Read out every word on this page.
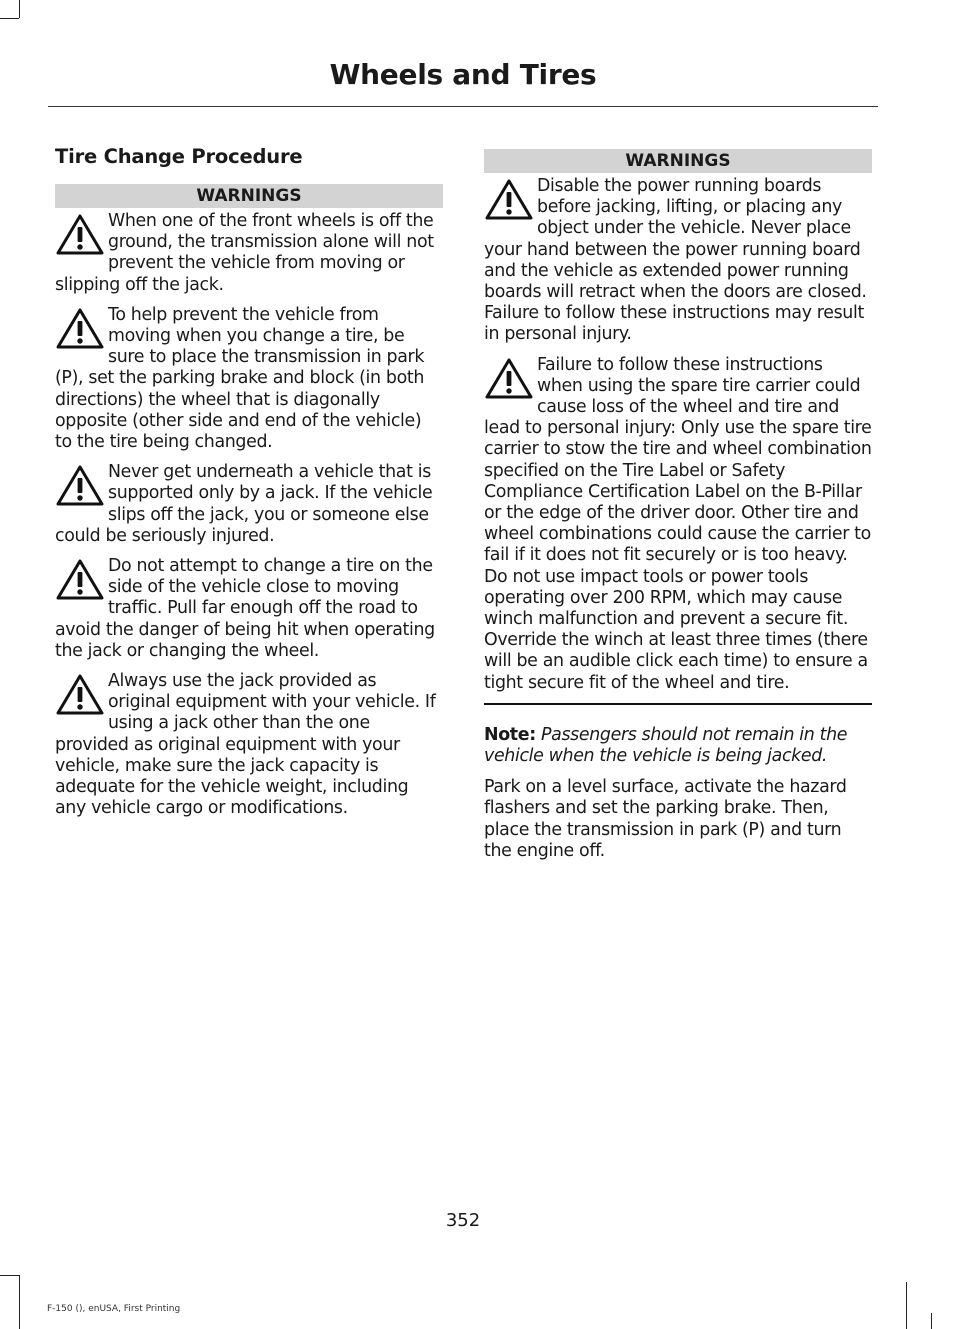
Wheels and Tires
Tire Change Procedure
WARNINGS

When one of the front wheels is off the ground, the transmission alone will not prevent the vehicle from moving or slipping off the jack.

To help prevent the vehicle from moving when you change a tire, be sure to place the transmission in park (P), set the parking brake and block (in both directions) the wheel that is diagonally opposite (other side and end of the vehicle) to the tire being changed.

Never get underneath a vehicle that is supported only by a jack. If the vehicle slips off the jack, you or someone else could be seriously injured.

Do not attempt to change a tire on the side of the vehicle close to moving traffic. Pull far enough off the road to avoid the danger of being hit when operating the jack or changing the wheel.

Always use the jack provided as original equipment with your vehicle. If using a jack other than the one provided as original equipment with your vehicle, make sure the jack capacity is adequate for the vehicle weight, including any vehicle cargo or modifications.

WARNINGS

Disable the power running boards before jacking, lifting, or placing any object under the vehicle. Never place your hand between the power running board and the vehicle as extended power running boards will retract when the doors are closed. Failure to follow these instructions may result in personal injury.

Failure to follow these instructions when using the spare tire carrier could cause loss of the wheel and tire and lead to personal injury: Only use the spare tire carrier to stow the tire and wheel combination specified on the Tire Label or Safety Compliance Certification Label on the B-Pillar or the edge of the driver door. Other tire and wheel combinations could cause the carrier to fail if it does not fit securely or is too heavy. Do not use impact tools or power tools operating over 200 RPM, which may cause winch malfunction and prevent a secure fit. Override the winch at least three times (there will be an audible click each time) to ensure a tight secure fit of the wheel and tire.

Note: Passengers should not remain in the vehicle when the vehicle is being jacked.

Park on a level surface, activate the hazard flashers and set the parking brake. Then, place the transmission in park (P) and turn the engine off.

352
F-150 (), enUSA, First Printing
